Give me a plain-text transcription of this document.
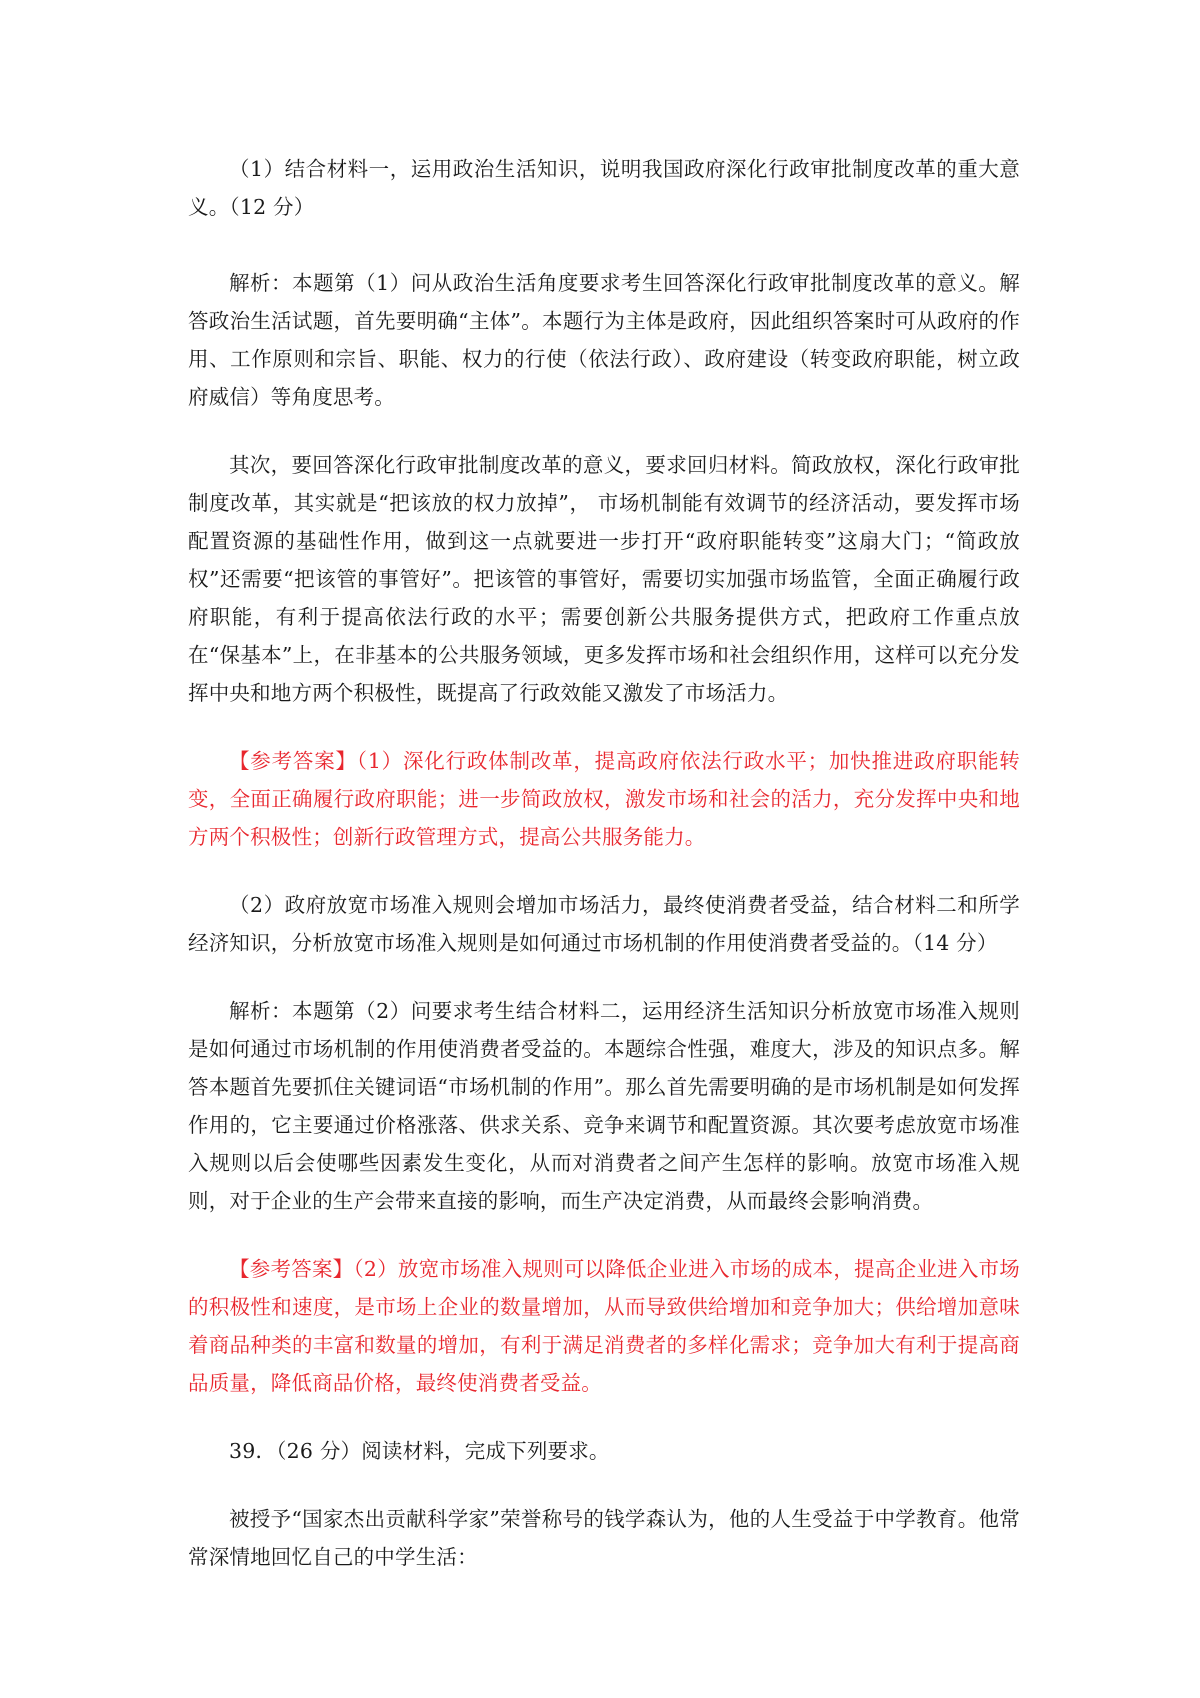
（1）结合材料一，运用政治生活知识，说明我国政府深化行政审批制度改革的重大意义。（12 分）

解析：本题第（1）问从政治生活角度要求考生回答深化行政审批制度改革的意义。解答政治生活试题，首先要明确“主体”。本题行为主体是政府，因此组织答案时可从政府的作用、工作原则和宗旨、职能、权力的行使（依法行政）、政府建设（转变政府职能，树立政府威信）等角度思考。

其次，要回答深化行政审批制度改革的意义，要求回归材料。简政放权，深化行政审批制度改革，其实就是“把该放的权力放掉”， 市场机制能有效调节的经济活动，要发挥市场配置资源的基础性作用，做到这一点就要进一步打开“政府职能转变”这扇大门；“简政放权”还需要“把该管的事管好”。把该管的事管好，需要切实加强市场监管，全面正确履行政府职能，有利于提高依法行政的水平；需要创新公共服务提供方式，把政府工作重点放在“保基本”上，在非基本的公共服务领域，更多发挥市场和社会组织作用，这样可以充分发挥中央和地方两个积极性，既提高了行政效能又激发了市场活力。

【参考答案】（1）深化行政体制改革，提高政府依法行政水平；加快推进政府职能转变，全面正确履行政府职能；进一步简政放权，激发市场和社会的活力，充分发挥中央和地方两个积极性；创新行政管理方式，提高公共服务能力。

（2）政府放宽市场准入规则会增加市场活力，最终使消费者受益，结合材料二和所学经济知识，分析放宽市场准入规则是如何通过市场机制的作用使消费者受益的。（14 分）

解析：本题第（2）问要求考生结合材料二，运用经济生活知识分析放宽市场准入规则是如何通过市场机制的作用使消费者受益的。本题综合性强，难度大，涉及的知识点多。解答本题首先要抓住关键词语“市场机制的作用”。那么首先需要明确的是市场机制是如何发挥作用的，它主要通过价格涨落、供求关系、竞争来调节和配置资源。其次要考虑放宽市场准入规则以后会使哪些因素发生变化，从而对消费者之间产生怎样的影响。放宽市场准入规则，对于企业的生产会带来直接的影响，而生产决定消费，从而最终会影响消费。

【参考答案】（2）放宽市场准入规则可以降低企业进入市场的成本，提高企业进入市场的积极性和速度，是市场上企业的数量增加，从而导致供给增加和竞争加大；供给增加意味着商品种类的丰富和数量的增加，有利于满足消费者的多样化需求；竞争加大有利于提高商品质量，降低商品价格，最终使消费者受益。

39．（26 分）阅读材料，完成下列要求。

被授予“国家杰出贡献科学家”荣誉称号的钱学森认为，他的人生受益于中学教育。他常常深情地回忆自己的中学生活：
